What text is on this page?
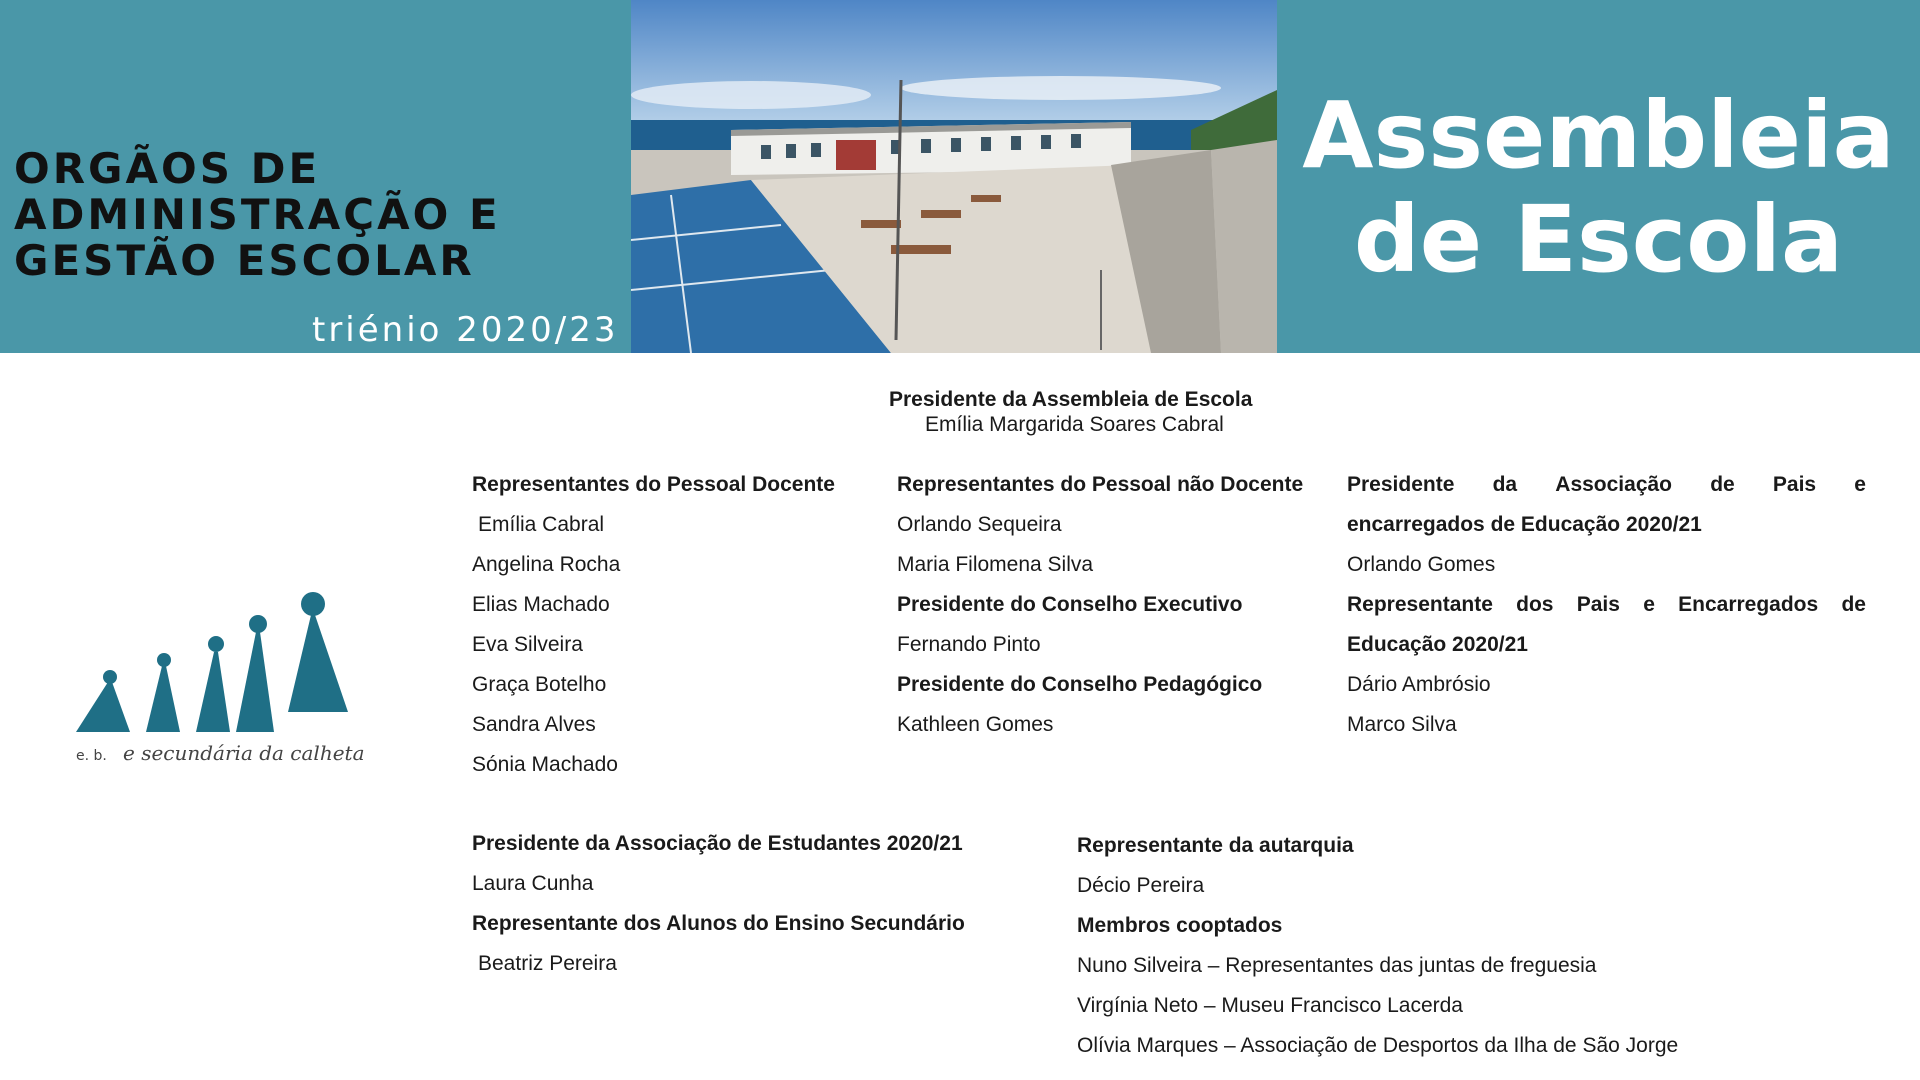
ORGÃOS DE
ADMINISTRAÇÃO E
GESTÃO ESCOLAR
triénio 2020/23
Assembleia
de Escola
e. b. e secundária da calheta
Presidente da Assembleia de Escola
Emília Margarida Soares Cabral
Representantes do Pessoal Docente
Emília Cabral
Angelina Rocha
Elias Machado
Eva Silveira
Graça Botelho
Sandra Alves
Sónia Machado
Representantes do Pessoal não Docente
Orlando Sequeira
Maria Filomena Silva
Presidente do Conselho Executivo
Fernando Pinto
Presidente do Conselho Pedagógico
Kathleen Gomes
Presidente da Associação de Pais e
encarregados de Educação 2020/21
Orlando Gomes
Representante dos Pais e Encarregados de
Educação 2020/21
Dário Ambrósio
Marco Silva
Presidente da Associação de Estudantes 2020/21
Laura Cunha
Representante dos Alunos do Ensino Secundário
Beatriz Pereira
Representante da autarquia
Décio Pereira
Membros cooptados
Nuno Silveira – Representantes das juntas de freguesia
Virgínia Neto – Museu Francisco Lacerda
Olívia Marques – Associação de Desportos da Ilha de São Jorge
